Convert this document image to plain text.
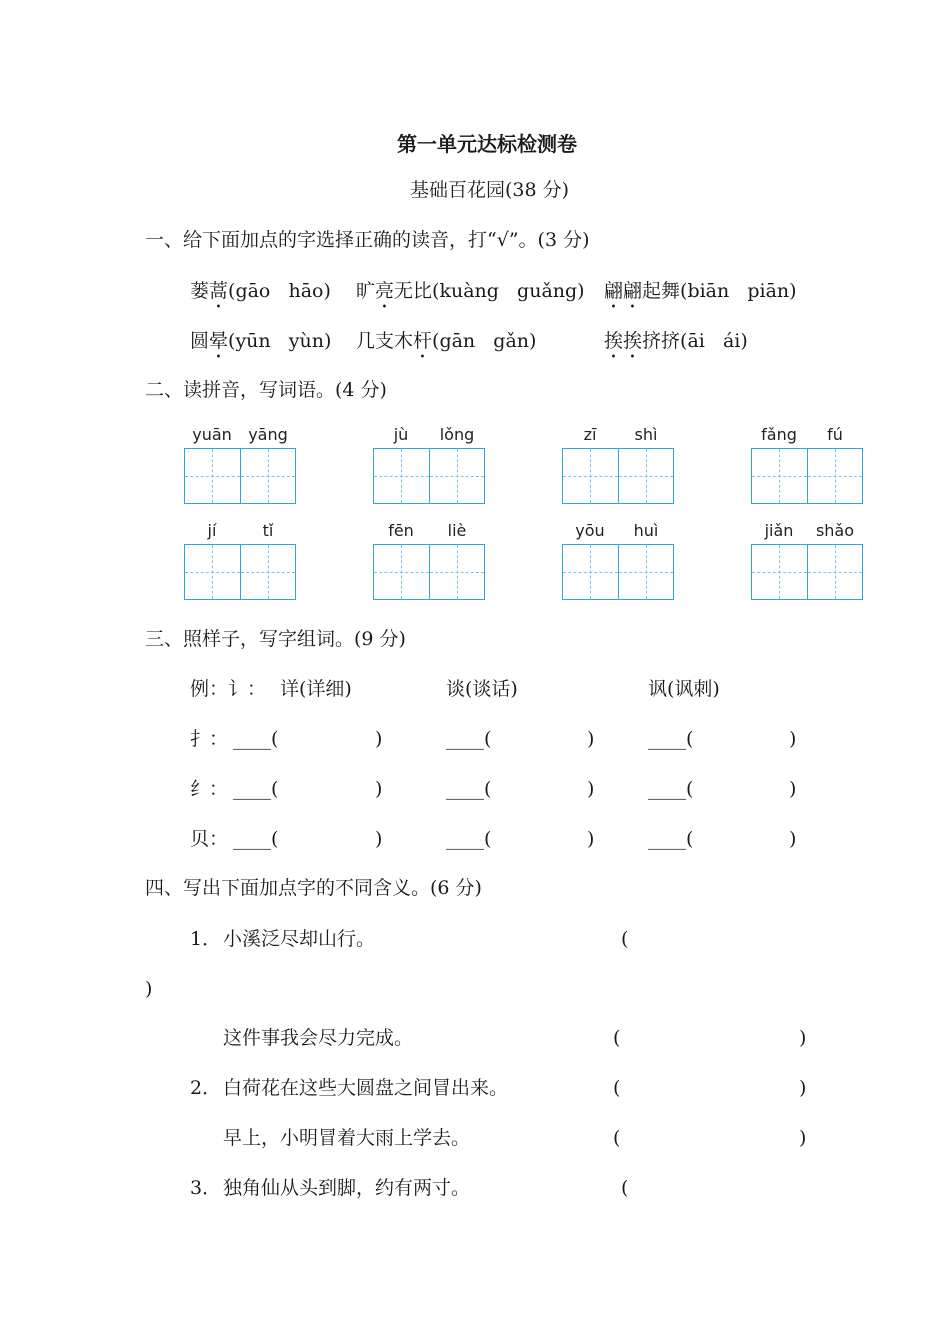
第一单元达标检测卷
基础百花园(38 分)
一、给下面加点的字选择正确的读音，打“√”。(3 分)
蒌蒿(gāo   hāo) 旷亮无比(kuàng   guǎng) 翩翩起舞(biān   piān)
圆晕(yūn   yùn) 几支木杆(gān   gǎn)	挨挨挤挤(āi   ái)
二、读拼音，写词语。(4 分)
yuān	yāng	jù	lǒng	zī	shì	fǎng	fú
jí	tǐ	fēn	liè	yōu	huì	jiǎn	shǎo
三、照样子，写字组词。(9 分)
例：讠： 详(详细)	谈(谈话)	讽(讽刺)
扌： ____(	)	____(	)	____(	)
纟： ____(	)	____(	)	____(	)
贝： ____(	)	____(	)	____(	)
四、写出下面加点字的不同含义。(6 分)
1． 小溪泛尽却山行。	(
)
这件事我会尽力完成。	(	)
2． 白荷花在这些大圆盘之间冒出来。	(	)
早上，小明冒着大雨上学去。	(	)
3． 独角仙从头到脚，约有两寸。	(
